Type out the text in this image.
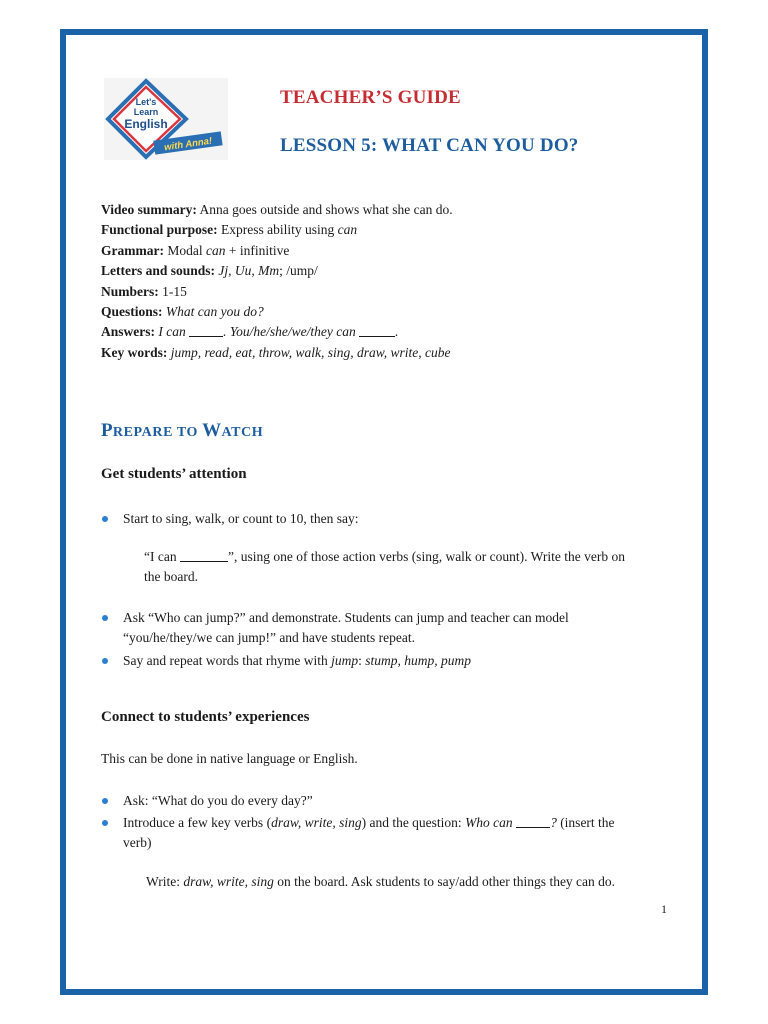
Let's
Learn
English
with Anna!
TEACHER’S GUIDE
LESSON 5: WHAT CAN YOU DO?
Video summary: Anna goes outside and shows what she can do.
Functional purpose: Express ability using can
Grammar: Modal can + infinitive
Letters and sounds: Jj, Uu, Mm; /ump/
Numbers: 1-15
Questions: What can you do?
Answers: I can	. You/he/she/we/they can	.
Key words: jump, read, eat, throw, walk, sing, draw, write, cube
PREPARE TO WATCH
Get students’ attention
Start to sing, walk, or count to 10, then say:
“I can	”, using one of those action verbs (sing, walk or count). Write the verb on
the board.
Ask “Who can jump?” and demonstrate. Students can jump and teacher can model
“you/he/they/we can jump!” and have students repeat.
Say and repeat words that rhyme with jump: stump, hump, pump
Connect to students’ experiences
This can be done in native language or English.
Ask: “What do you do every day?”
Introduce a few key verbs (draw, write, sing) and the question: Who can	? (insert the
verb)
Write: draw, write, sing on the board. Ask students to say/add other things they can do.
1
